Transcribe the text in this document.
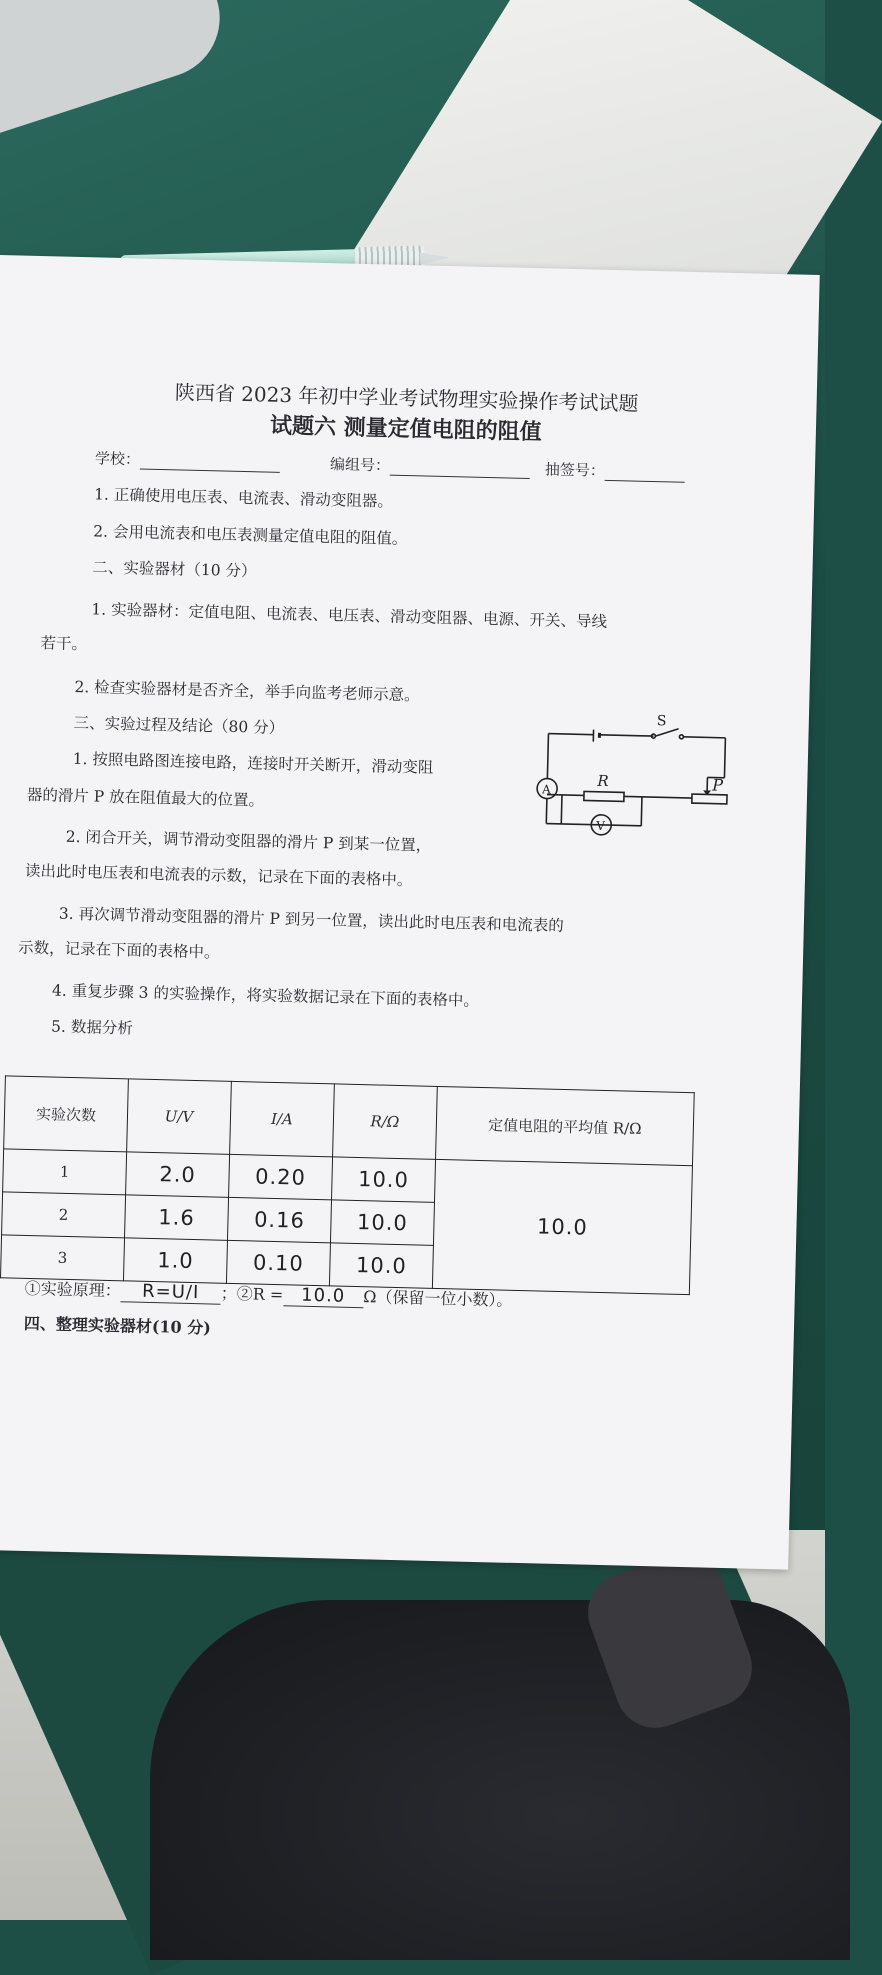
陕西省 2023 年初中学业考试物理实验操作考试试题
试题六 测量定值电阻的阻值
学校：	编组号：	抽签号：
1. 正确使用电压表、电流表、滑动变阻器。
2. 会用电流表和电压表测量定值电阻的阻值。
二、实验器材（10 分）
1. 实验器材：定值电阻、电流表、电压表、滑动变阻器、电源、开关、导线
若干。
2. 检查实验器材是否齐全，举手向监考老师示意。
三、实验过程及结论（80 分）
1. 按照电路图连接电路，连接时开关断开，滑动变阻
器的滑片 P 放在阻值最大的位置。
2. 闭合开关，调节滑动变阻器的滑片 P 到某一位置，
读出此时电压表和电流表的示数，记录在下面的表格中。
3. 再次调节滑动变阻器的滑片 P 到另一位置，读出此时电压表和电流表的
示数，记录在下面的表格中。
4. 重复步骤 3 的实验操作，将实验数据记录在下面的表格中。
5. 数据分析
S
A	R	P
V
实验次数	U/V	I/A	R/Ω	定值电阻的平均值 R/Ω
1	2.0	0.20	10.0	10.0
2	1.6	0.16	10.0	
3	1.0	0.10	10.0	
①实验原理： R=U/I ；②R = 10.0 Ω（保留一位小数）。
四、整理实验器材(10 分)
